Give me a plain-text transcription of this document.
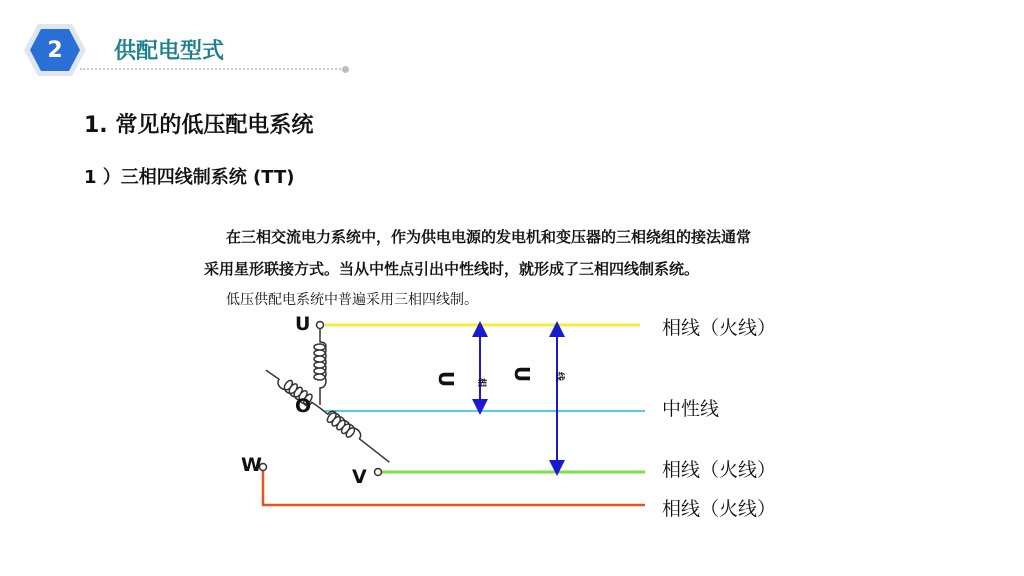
2	供配电型式
1. 常见的低压配电系统
1 ）三相四线制系统 (TT)
在三相交流电力系统中，作为供电电源的发电机和变压器的三相绕组的接法通常
采用星形联接方式。当从中性点引出中性线时，就形成了三相四线制系统。
低压供配电系统中普遍采用三相四线制。
U
O
W
V
U 相
U 线
相线（火线）
中性线
相线（火线）
相线（火线）
